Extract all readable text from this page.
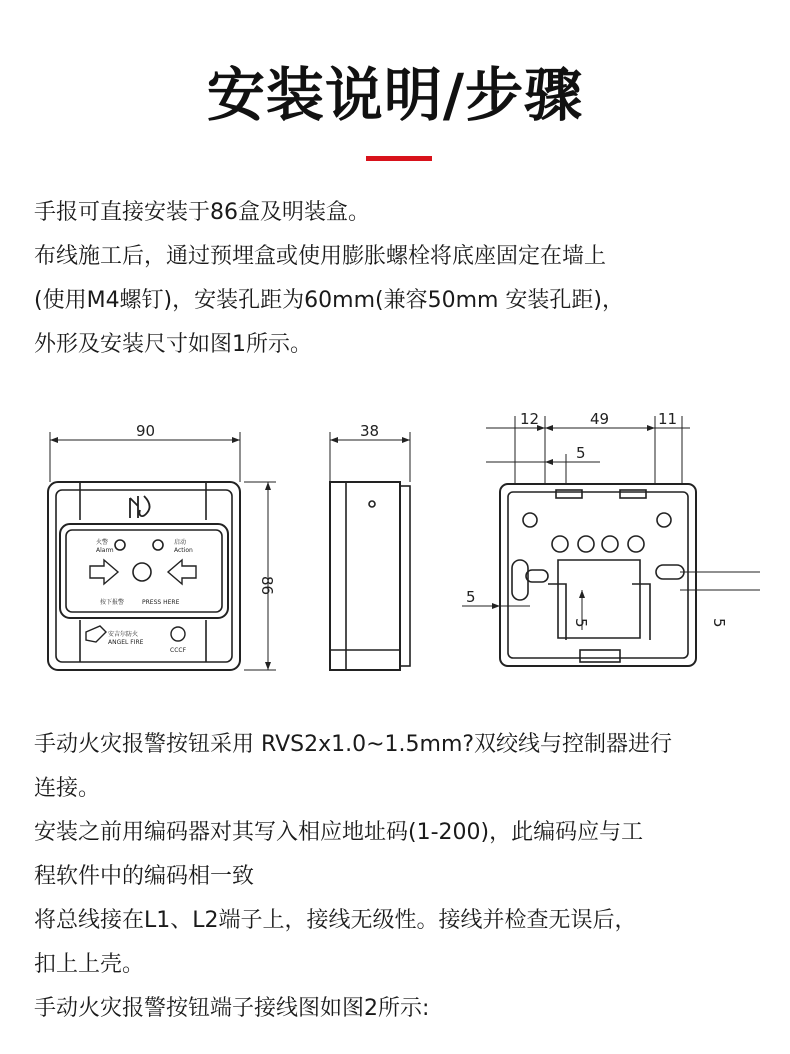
安装说明/步骤

手报可直接安装于86盒及明装盒。

布线施工后，通过预埋盒或使用膨胀螺栓将底座固定在墙上

(使用M4螺钉)，安装孔距为60mm(兼容50mm 安装孔距)，

外形及安装尺寸如图1所示。

90
86
38
12	49	11
5
5
5	5
火警
Alarm
启动
Action
按下报警	PRESS HERE
安吉尔防火
ANGEL FIRE
CCCF

手动火灾报警按钮采用 RVS2x1.0~1.5mm?双绞线与控制器进行

连接。

安装之前用编码器对其写入相应地址码(1-200)，此编码应与工

程软件中的编码相一致

将总线接在L1、L2端子上，接线无级性。接线并检查无误后，

扣上上壳。

手动火灾报警按钮端子接线图如图2所示:
